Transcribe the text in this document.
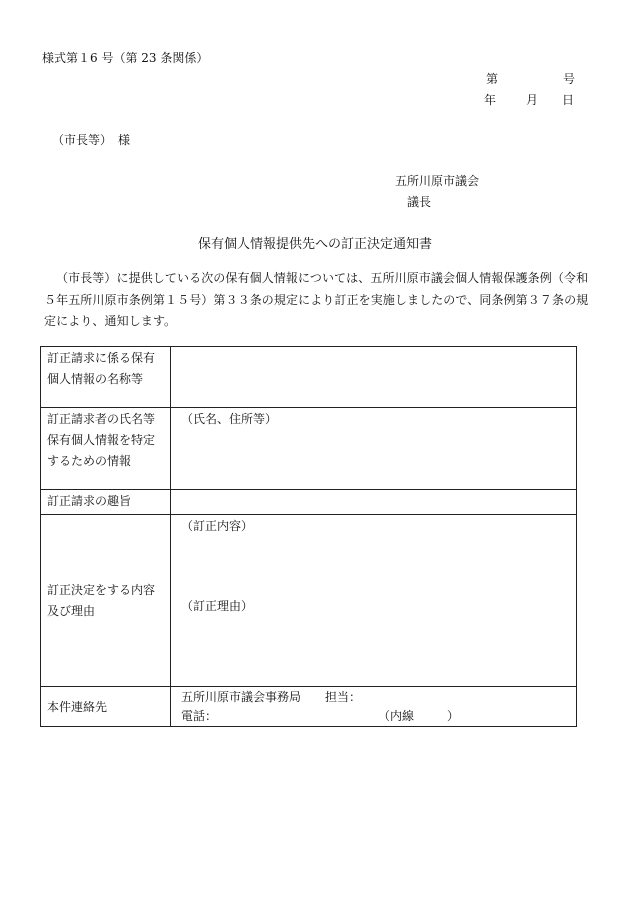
様式第１6 号（第 23 条関係）
第	号
年 月 日
（市長等） 様
五所川原市議会
議長
保有個人情報提供先への訂正決定通知書
（市長等）に提供している次の保有個人情報については、五所川原市議会個人情報保護条例（令和５年五所川原市条例第１５号）第３３条の規定により訂正を実施しましたので、同条例第３７条の規定により、通知します。
訂正請求に係る保有個人情報の名称等	
訂正請求者の氏名等保有個人情報を特定するための情報	（氏名、住所等）
訂正請求の趣旨	
訂正決定をする内容及び理由	（訂正内容）
（訂正理由）

本件連絡先	五所川原市議会事務局 担当：
電話： （内線 ）
